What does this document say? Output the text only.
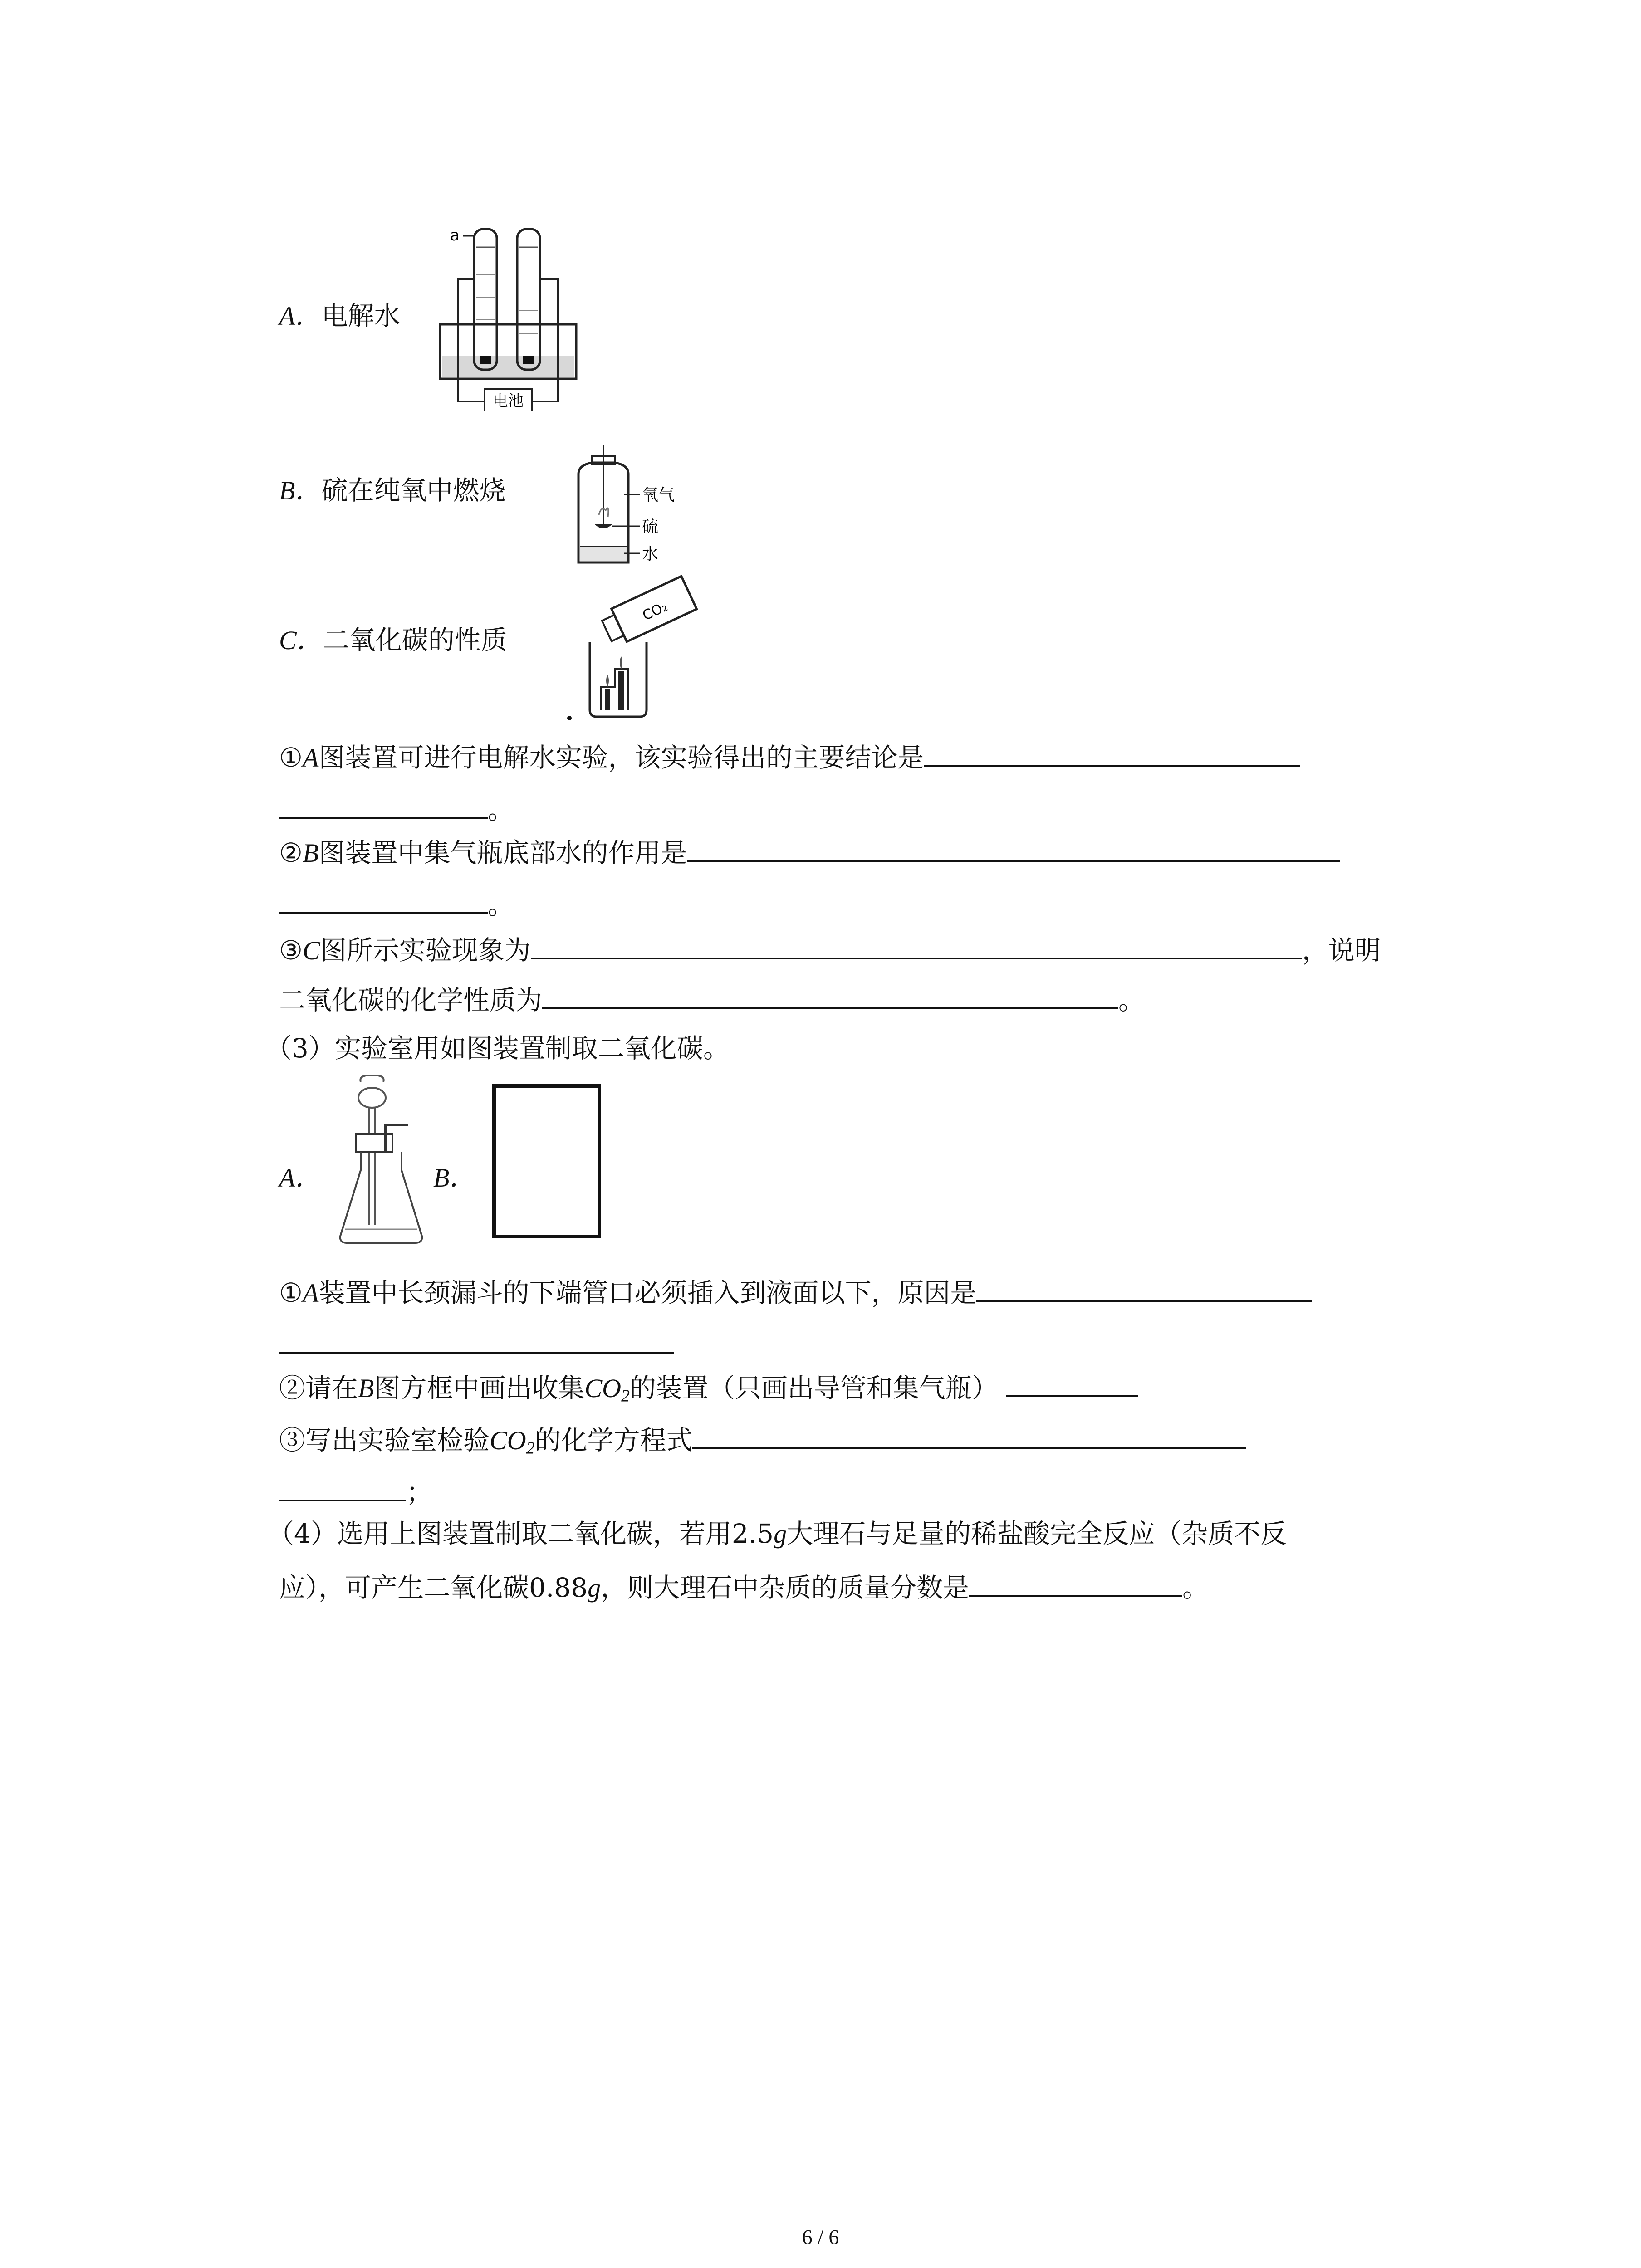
A．电解水
电池
a
B．硫在纯氧中燃烧	氧气
硫
水
C．二氧化碳的性质
CO₂
①A图装置可进行电解水实验，该实验得出的主要结论是
。
②B图装置中集气瓶底部水的作用是
。
③C图所示实验现象为	，说明
二氧化碳的化学性质为	。
（3）实验室用如图装置制取二氧化碳。
A．	B．
①A装置中长颈漏斗的下端管口必须插入到液面以下，原因是
②请在B图方框中画出收集$CO_2$的装置（只画出导管和集气瓶）
③写出实验室检验$CO_2$的化学方程式
；
（4）选用上图装置制取二氧化碳，若用2.5g大理石与足量的稀盐酸完全反应（杂质不反
应），可产生二氧化碳0.88g，则大理石中杂质的质量分数是	。
6 / 6
